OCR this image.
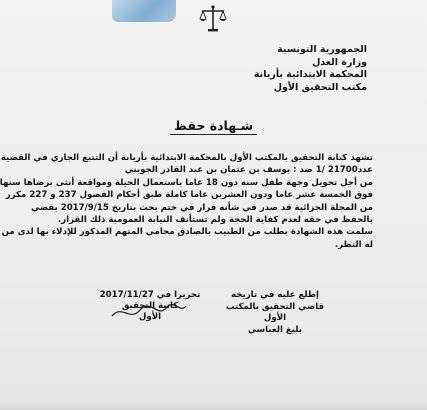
الجمهورية التونسية
وزارة العدل
المحكمة الابتدائية بأريانة
مكتب التحقيق الأول
شـهادة حفظ
تشهد كتابة التحقيق بالمكتب الأول بالمحكمة الابتدائية بأريانة أن التتبع الجاري في القضية
عدد21700 /1 ضد : يوسف بن عثمان بن عبد القادر الجويني
من أجل تحويل وجهة طفل سنه دون 18 عاما باستعمال الحيلة ومواقعة أنثى برضاها سنها
فوق الخمسة عشر عاما ودون العشرين عاما كاملة طبق أحكام الفصول 237 و 227 مكرر
من المجلة الجزائية قد صدر في شأنه قرار في ختم بحث بتاريخ 2017/9/15 يقضي
بالحفظ في حقه لعدم كفاية الحجة ولم تستأنف النيابة العمومية ذلك القرار.
سلمت هذه الشهادة بطلب من الطبيب بالصادق محامي المتهم المذكور للإدلاء بها لدى من
له النظر.
تحريرا في 2017/11/27
كاتبة التحقيق
الأول
إطلع عليه في تاريخه
قاضي التحقيق بالمكتب الأول
بليغ العباسي
